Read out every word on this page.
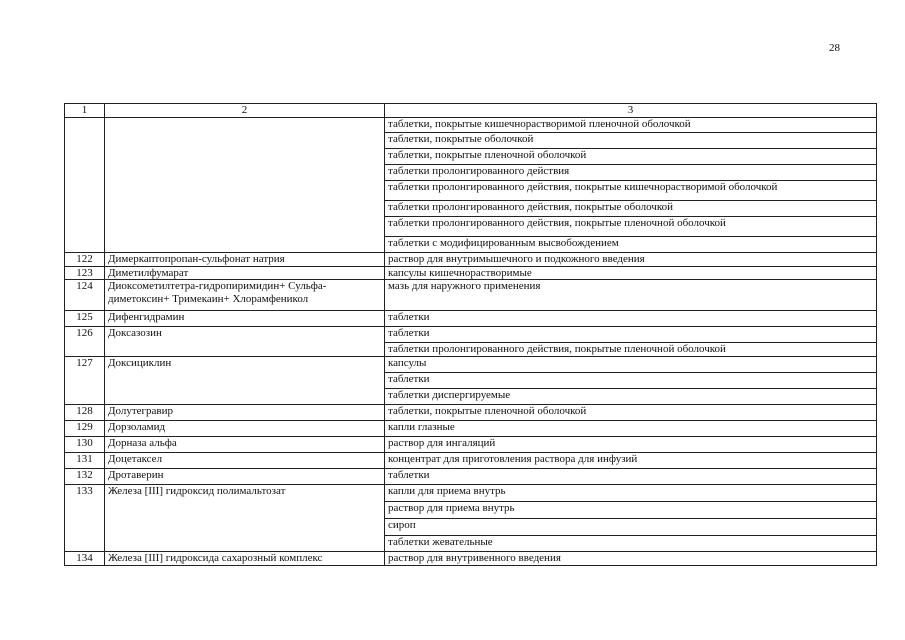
28
1	2	3
		таблетки, покрытые кишечнорастворимой пленочной оболочкой
		таблетки, покрытые оболочкой
		таблетки, покрытые пленочной оболочкой
		таблетки пролонгированного действия
		таблетки пролонгированного действия, покрытые кишечнорастворимой оболочкой
		таблетки пролонгированного действия, покрытые оболочкой
		таблетки пролонгированного действия, покрытые пленочной оболочкой
		таблетки с модифицированным высвобождением
122	Димеркаптопропан-сульфонат натрия	раствор для внутримышечного и подкожного введения
123	Диметилфумарат	капсулы кишечнорастворимые
124	Диоксометилтетра-гидропиримидин+ Сульфа-диметоксин+ Тримекаин+ Хлорамфеникол	мазь для наружного применения
125	Дифенгидрамин	таблетки
126	Доксазозин	таблетки
		таблетки пролонгированного действия, покрытые пленочной оболочкой
127	Доксициклин	капсулы
		таблетки
		таблетки диспергируемые
128	Долутегравир	таблетки, покрытые пленочной оболочкой
129	Дорзоламид	капли глазные
130	Дорназа альфа	раствор для ингаляций
131	Доцетаксел	концентрат для приготовления раствора для инфузий
132	Дротаверин	таблетки
133	Железа [III] гидроксид полимальтозат	капли для приема внутрь
		раствор для приема внутрь
		сироп
		таблетки жевательные
134	Железа [III] гидроксида сахарозный комплекс	раствор для внутривенного введения
